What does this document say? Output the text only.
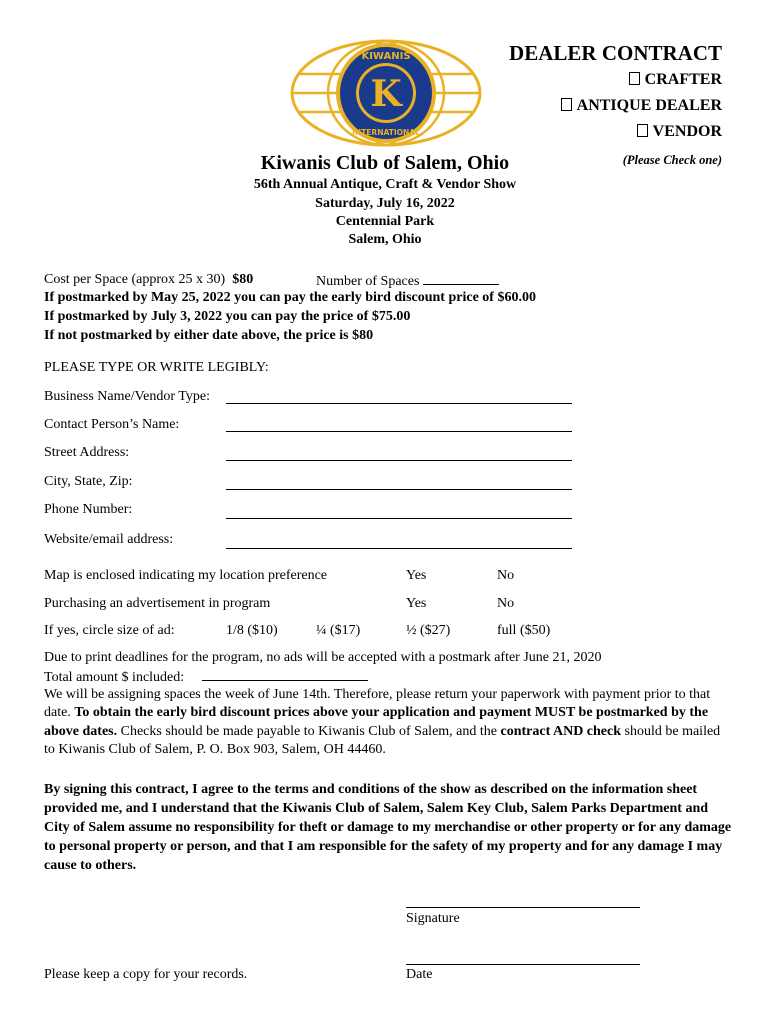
K
KIWANIS
INTERNATIONAL
DEALER CONTRACT
CRAFTER
ANTIQUE DEALER
VENDOR
(Please Check one)
Kiwanis Club of Salem, Ohio
56th Annual Antique, Craft & Vendor Show
Saturday, July 16, 2022
Centennial Park
Salem, Ohio
Cost per Space (approx 25 x 30) $80	Number of Spaces
If postmarked by May 25, 2022 you can pay the early bird discount price of $60.00
If postmarked by July 3, 2022 you can pay the price of $75.00
If not postmarked by either date above, the price is $80
PLEASE TYPE OR WRITE LEGIBLY:
Business Name/Vendor Type:
Contact Person’s Name:
Street Address:
City, State, Zip:
Phone Number:
Website/email address:
Map is enclosed indicating my location preference	Yes	No
Purchasing an advertisement in program	Yes	No
If yes, circle size of ad:	1/8 ($10)	¼ ($17)	½ ($27)	full ($50)
Due to print deadlines for the program, no ads will be accepted with a postmark after June 21, 2020
Total amount $ included:
We will be assigning spaces the week of June 14th. Therefore, please return your paperwork with payment prior to that date. To obtain the early bird discount prices above your application and payment MUST be postmarked by the above dates. Checks should be made payable to Kiwanis Club of Salem, and the contract AND check should be mailed to Kiwanis Club of Salem, P. O. Box 903, Salem, OH 44460.
By signing this contract, I agree to the terms and conditions of the show as described on the information sheet provided me, and I understand that the Kiwanis Club of Salem, Salem Key Club, Salem Parks Department and City of Salem assume no responsibility for theft or damage to my merchandise or other property or for any damage to personal property or person, and that I am responsible for the safety of my property and for any damage I may cause to others.
Signature
Date
Please keep a copy for your records.
